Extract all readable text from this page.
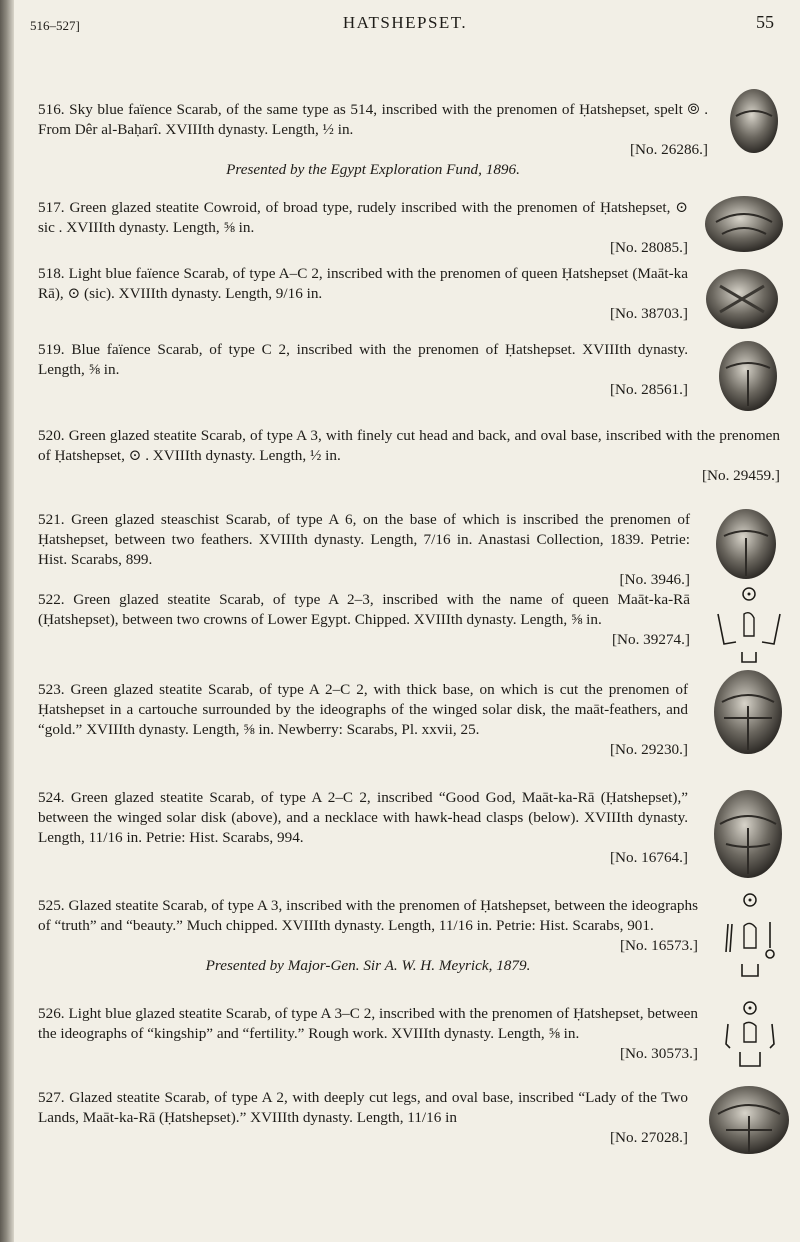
516–527]	HATSHEPSET.	55

516. Sky blue faïence Scarab, of the same type as 514, inscribed with the prenomen of Ḥatshepset, spelt ⦾ . From Dêr al-Baḥarî. XVIIIth dynasty. Length, ½ in.

[No. 26286.]
Presented by the Egypt Exploration Fund, 1896.

517. Green glazed steatite Cowroid, of broad type, rudely inscribed with the prenomen of Ḥatshepset, ⊙ sic . XVIIIth dynasty. Length, ⅝ in.

[No. 28085.]

518. Light blue faïence Scarab, of type A–C 2, inscribed with the prenomen of queen Ḥatshepset (Maāt-ka Rā), ⊙ (sic). XVIIIth dynasty. Length, 9/16 in.

[No. 38703.]

519. Blue faïence Scarab, of type C 2, inscribed with the prenomen of Ḥatshepset. XVIIIth dynasty. Length, ⅝ in.

[No. 28561.]

520. Green glazed steatite Scarab, of type A 3, with finely cut head and back, and oval base, inscribed with the prenomen of Ḥatshepset, ⊙ . XVIIIth dynasty. Length, ½ in.

[No. 29459.]

521. Green glazed steaschist Scarab, of type A 6, on the base of which is inscribed the prenomen of Ḥatshepset, between two feathers. XVIIIth dynasty. Length, 7/16 in. Anastasi Collection, 1839. Petrie: Hist. Scarabs, 899.

[No. 3946.]

522. Green glazed steatite Scarab, of type A 2–3, inscribed with the name of queen Maāt-ka-Rā (Ḥatshepset), between two crowns of Lower Egypt. Chipped. XVIIIth dynasty. Length, ⅝ in.

[No. 39274.]

523. Green glazed steatite Scarab, of type A 2–C 2, with thick base, on which is cut the prenomen of Ḥatshepset in a cartouche surrounded by the ideographs of the winged solar disk, the maāt-feathers, and “gold.” XVIIIth dynasty. Length, ⅝ in. Newberry: Scarabs, Pl. xxvii, 25.

[No. 29230.]

524. Green glazed steatite Scarab, of type A 2–C 2, inscribed “Good God, Maāt-ka-Rā (Ḥatshepset),” between the winged solar disk (above), and a necklace with hawk-head clasps (below). XVIIIth dynasty. Length, 11/16 in. Petrie: Hist. Scarabs, 994.

[No. 16764.]

525. Glazed steatite Scarab, of type A 3, inscribed with the prenomen of Ḥatshepset, between the ideographs of “truth” and “beauty.” Much chipped. XVIIIth dynasty. Length, 11/16 in. Petrie: Hist. Scarabs, 901.

[No. 16573.]
Presented by Major-Gen. Sir A. W. H. Meyrick, 1879.

526. Light blue glazed steatite Scarab, of type A 3–C 2, inscribed with the prenomen of Ḥatshepset, between the ideographs of “kingship” and “fertility.” Rough work. XVIIIth dynasty. Length, ⅝ in.

[No. 30573.]

527. Glazed steatite Scarab, of type A 2, with deeply cut legs, and oval base, inscribed “Lady of the Two Lands, Maāt-ka-Rā (Ḥatshepset).” XVIIIth dynasty. Length, 11/16 in

[No. 27028.]
